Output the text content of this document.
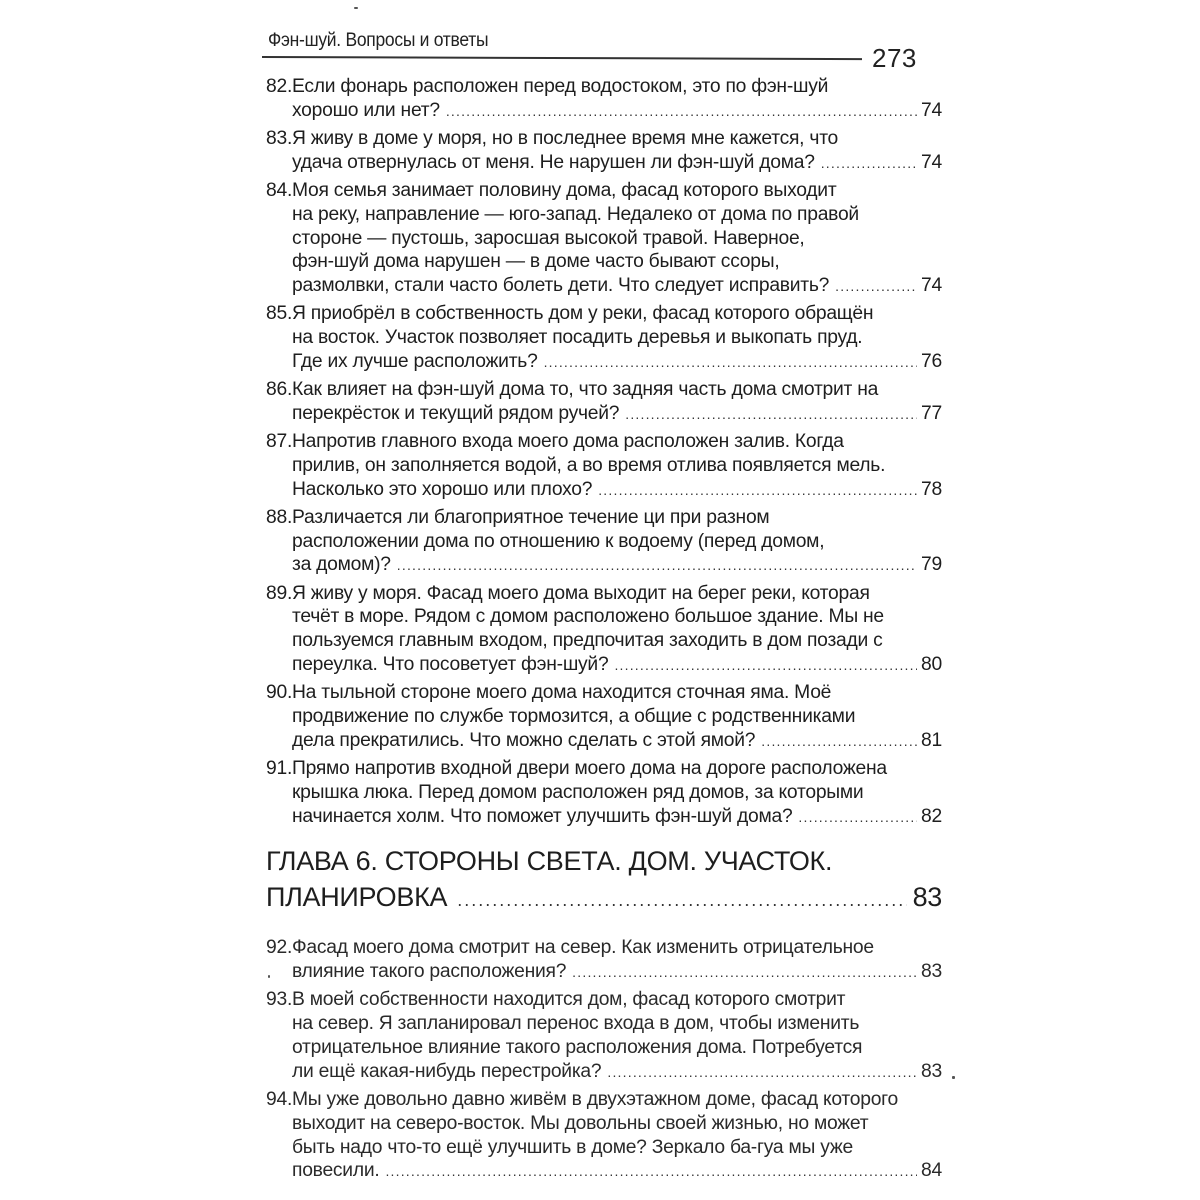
Фэн-шуй. Вопросы и ответы
273
82. Если фонарь расположен перед водостоком, это по фэн-шуй
хорошо или нет? .....	74
83. Я живу в доме у моря, но в последнее время мне кажется, что
удача отвернулась от меня. Не нарушен ли фэн-шуй дома? .....	74
84. Моя семья занимает половину дома, фасад которого выходит
на реку, направление — юго-запад. Недалеко от дома по правой
стороне — пустошь, заросшая высокой травой. Наверное,
фэн-шуй дома нарушен — в доме часто бывают ссоры,
размолвки, стали часто болеть дети. Что следует исправить? .....	74
85. Я приобрёл в собственность дом у реки, фасад которого обращён
на восток. Участок позволяет посадить деревья и выкопать пруд.
Где их лучше расположить? .....	76
86. Как влияет на фэн-шуй дома то, что задняя часть дома смотрит на
перекрёсток и текущий рядом ручей? .....	77
87. Напротив главного входа моего дома расположен залив. Когда
прилив, он заполняется водой, а во время отлива появляется мель.
Насколько это хорошо или плохо? .....	78
88. Различается ли благоприятное течение ци при разном
расположении дома по отношению к водоему (перед домом,
за домом)? .....	79
89. Я живу у моря. Фасад моего дома выходит на берег реки, которая
течёт в море. Рядом с домом расположено большое здание. Мы не
пользуемся главным входом, предпочитая заходить в дом позади с
переулка. Что посоветует фэн-шуй? .....	80
90. На тыльной стороне моего дома находится сточная яма. Моё
продвижение по службе тормозится, а общие с родственниками
дела прекратились. Что можно сделать с этой ямой? .....	81
91. Прямо напротив входной двери моего дома на дороге расположена
крышка люка. Перед домом расположен ряд домов, за которыми
начинается холм. Что поможет улучшить фэн-шуй дома? .....	82
ГЛАВА 6. СТОРОНЫ СВЕТА. ДОМ. УЧАСТОК.
ПЛАНИРОВКА .....	83
92. Фасад моего дома смотрит на север. Как изменить отрицательное
влияние такого расположения? .....	83
93. В моей собственности находится дом, фасад которого смотрит
на север. Я запланировал перенос входа в дом, чтобы изменить
отрицательное влияние такого расположения дома. Потребуется
ли ещё какая-нибудь перестройка? .....	83
94. Мы уже довольно давно живём в двухэтажном доме, фасад которого
выходит на северо-восток. Мы довольны своей жизнью, но может
быть надо что-то ещё улучшить в доме? Зеркало ба-гуа мы уже
повесили. .....	84
